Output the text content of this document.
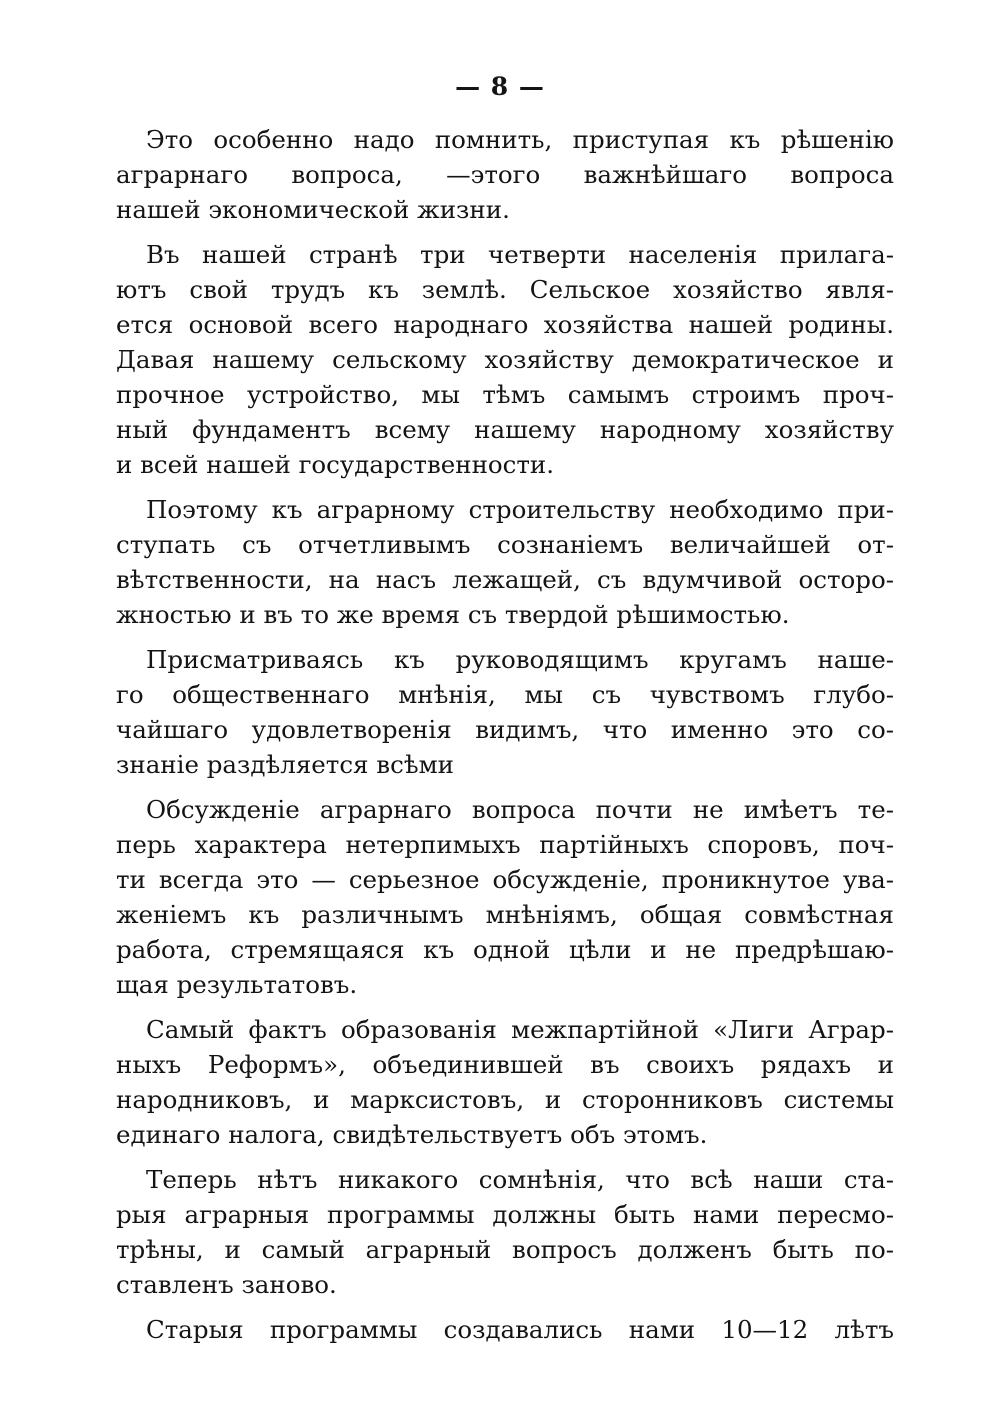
— 8 —
Это особенно надо помнить, приступая къ рѣшенію
аграрнаго вопроса, —этого важнѣйшаго вопроса
нашей экономической жизни.
Въ нашей странѣ три четверти населенія прилага-
ютъ свой трудъ къ землѣ. Сельское хозяйство явля-
ется основой всего народнаго хозяйства нашей родины.
Давая нашему сельскому хозяйству демократическое и
прочное устройство, мы тѣмъ самымъ строимъ проч-
ный фундаментъ всему нашему народному хозяйству
и всей нашей государственности.
Поэтому къ аграрному строительству необходимо при-
ступать съ отчетливымъ сознаніемъ величайшей от-
вѣтственности, на насъ лежащей, съ вдумчивой осторо-
жностью и въ то же время съ твердой рѣшимостью.
Присматриваясь къ руководящимъ кругамъ наше-
го общественнаго мнѣнія, мы съ чувствомъ глубо-
чайшаго удовлетворенія видимъ, что именно это со-
знаніе раздѣляется всѣми
Обсужденіе аграрнаго вопроса почти не имѣетъ те-
перь характера нетерпимыхъ партійныхъ споровъ, поч-
ти всегда это — серьезное обсужденіе, проникнутое ува-
женіемъ къ различнымъ мнѣніямъ, общая совмѣстная
работа, стремящаяся къ одной цѣли и не предрѣшаю-
щая результатовъ.
Самый фактъ образованія межпартійной «Лиги Аграр-
ныхъ Реформъ», объединившей въ своихъ рядахъ и
народниковъ, и марксистовъ, и сторонниковъ системы
единаго налога, свидѣтельствуетъ объ этомъ.
Теперь нѣтъ никакого сомнѣнія, что всѣ наши ста-
рыя аграрныя программы должны быть нами пересмо-
трѣны, и самый аграрный вопросъ долженъ быть по-
ставленъ заново.
Старыя программы создавались нами 10—12 лѣтъ
